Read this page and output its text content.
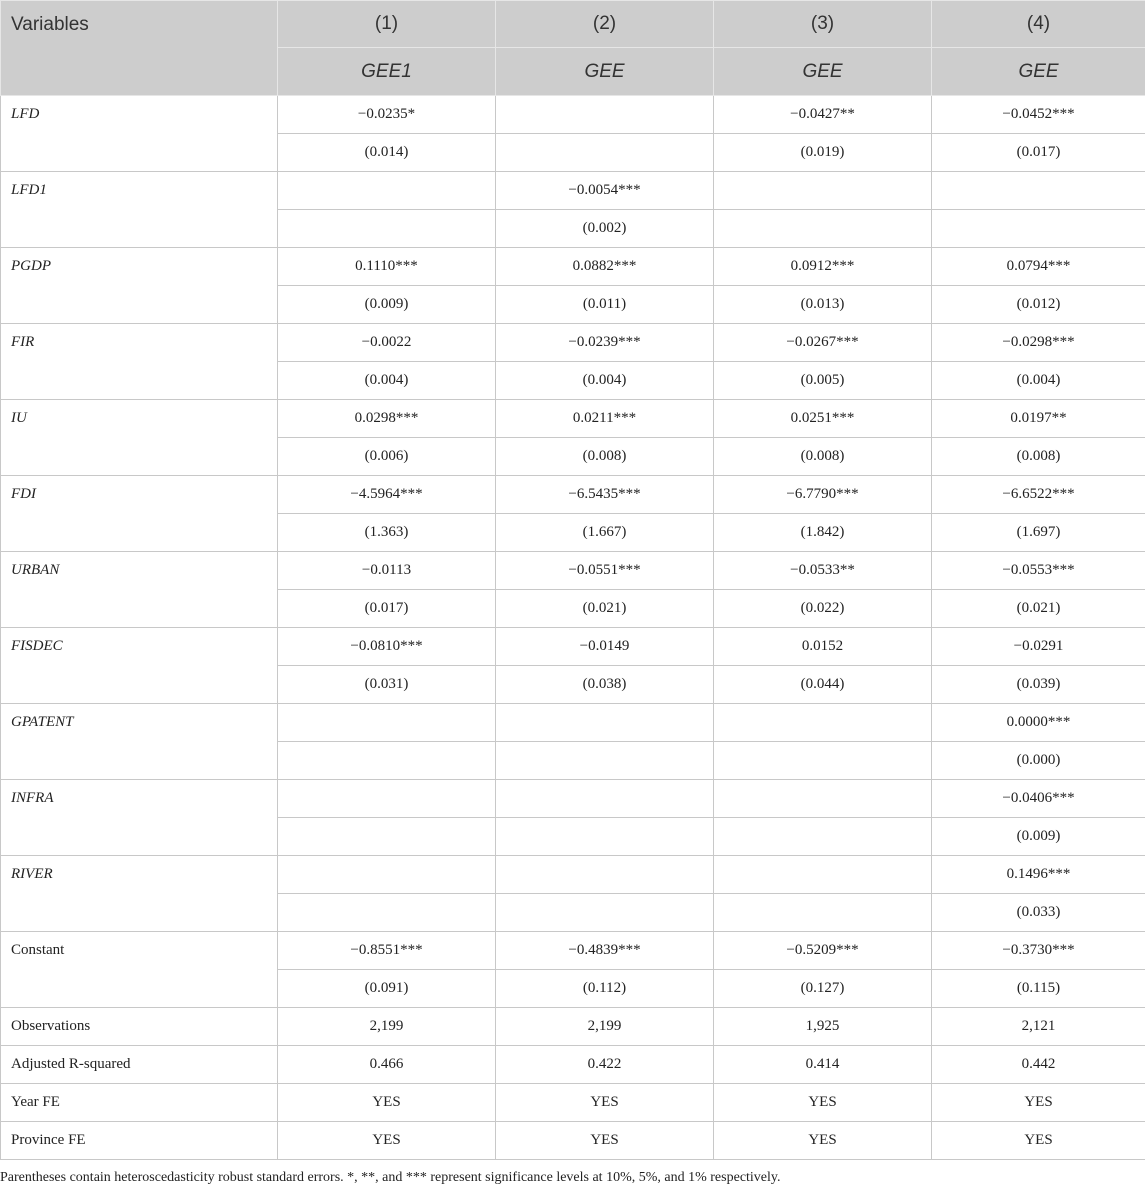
Variables	(1)	(2)	(3)	(4)
	GEE1	GEE	GEE	GEE
LFD	−0.0235*		−0.0427**	−0.0452***
	(0.014)		(0.019)	(0.017)
LFD1		−0.0054***		
		(0.002)		
PGDP	0.1110***	0.0882***	0.0912***	0.0794***
	(0.009)	(0.011)	(0.013)	(0.012)
FIR	−0.0022	−0.0239***	−0.0267***	−0.0298***
	(0.004)	(0.004)	(0.005)	(0.004)
IU	0.0298***	0.0211***	0.0251***	0.0197**
	(0.006)	(0.008)	(0.008)	(0.008)
FDI	−4.5964***	−6.5435***	−6.7790***	−6.6522***
	(1.363)	(1.667)	(1.842)	(1.697)
URBAN	−0.0113	−0.0551***	−0.0533**	−0.0553***
	(0.017)	(0.021)	(0.022)	(0.021)
FISDEC	−0.0810***	−0.0149	0.0152	−0.0291
	(0.031)	(0.038)	(0.044)	(0.039)
GPATENT				0.0000***
				(0.000)
INFRA				−0.0406***
				(0.009)
RIVER				0.1496***
				(0.033)
Constant	−0.8551***	−0.4839***	−0.5209***	−0.3730***
	(0.091)	(0.112)	(0.127)	(0.115)
Observations	2,199	2,199	1,925	2,121
Adjusted R-squared	0.466	0.422	0.414	0.442
Year FE	YES	YES	YES	YES
Province FE	YES	YES	YES	YES
Parentheses contain heteroscedasticity robust standard errors. *, **, and *** represent significance levels at 10%, 5%, and 1% respectively.
